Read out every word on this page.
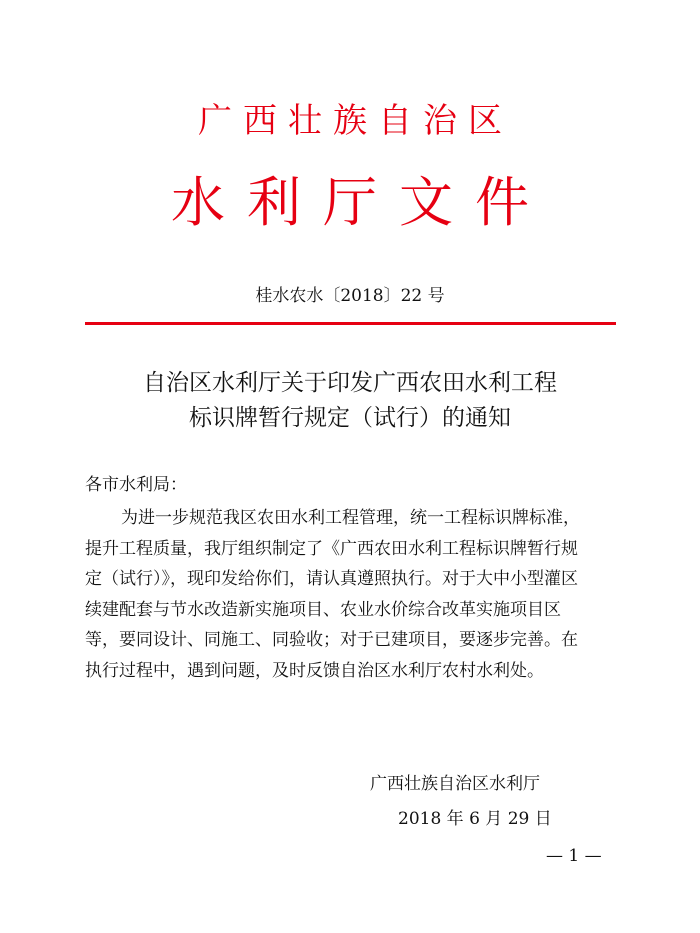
广西壮族自治区
水利厅文件
桂水农水〔2018〕22 号
自治区水利厅关于印发广西农田水利工程
标识牌暂行规定（试行）的通知
各市水利局：
为进一步规范我区农田水利工程管理，统一工程标识牌标准，
提升工程质量，我厅组织制定了《广西农田水利工程标识牌暂行规
定（试行）》，现印发给你们，请认真遵照执行。对于大中小型灌区
续建配套与节水改造新实施项目、农业水价综合改革实施项目区
等，要同设计、同施工、同验收；对于已建项目，要逐步完善。在
执行过程中，遇到问题，及时反馈自治区水利厅农村水利处。
广西壮族自治区水利厅
2018 年 6 月 29 日
— 1 —
